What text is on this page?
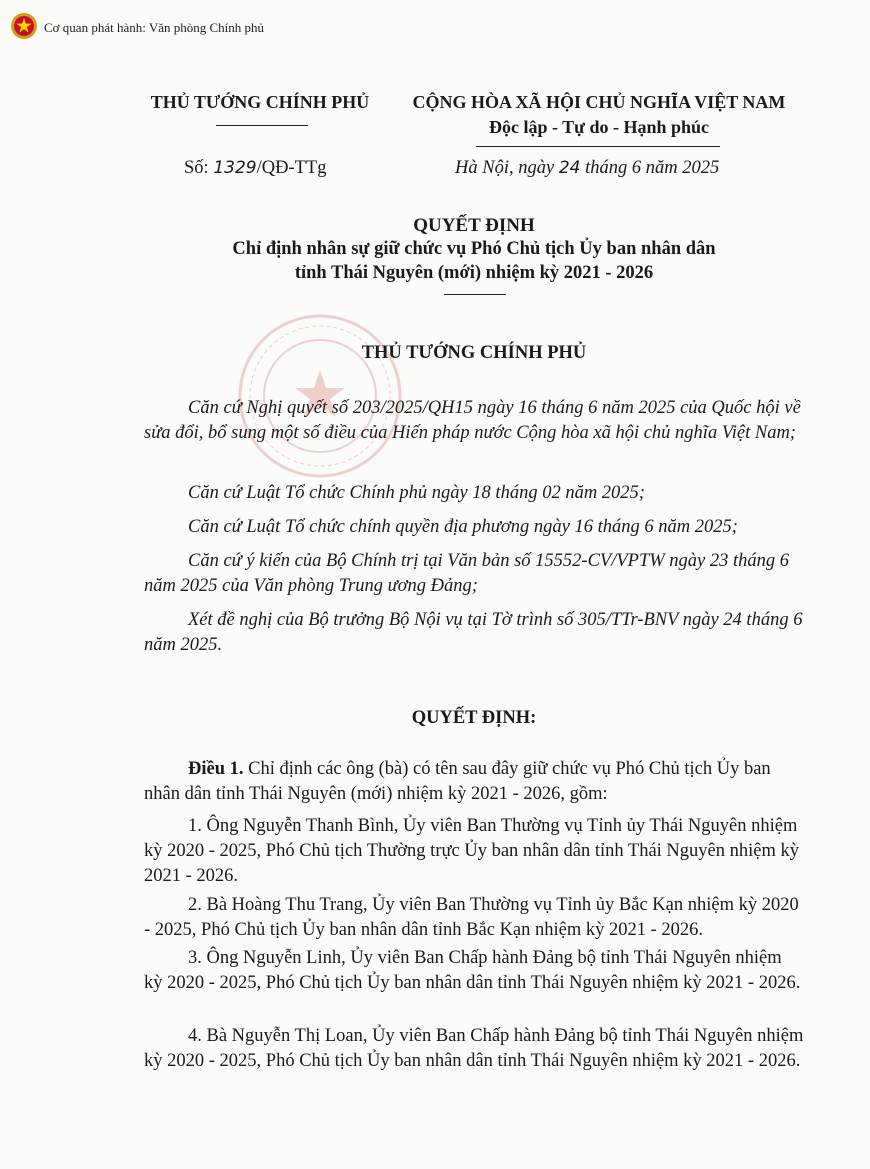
Cơ quan phát hành: Văn phòng Chính phủ
THỦ TƯỚNG CHÍNH PHỦ	CỘNG HÒA XÃ HỘI CHỦ NGHĨA VIỆT NAM
Độc lập - Tự do - Hạnh phúc
Số: 1329/QĐ-TTg	Hà Nội, ngày 24 tháng 6 năm 2025
QUYẾT ĐỊNH
Chỉ định nhân sự giữ chức vụ Phó Chủ tịch Ủy ban nhân dân
tỉnh Thái Nguyên (mới) nhiệm kỳ 2021 - 2026
THỦ TƯỚNG CHÍNH PHỦ
Căn cứ Nghị quyết số 203/2025/QH15 ngày 16 tháng 6 năm 2025 của Quốc hội về sửa đổi, bổ sung một số điều của Hiến pháp nước Cộng hòa xã hội chủ nghĩa Việt Nam;
Căn cứ Luật Tổ chức Chính phủ ngày 18 tháng 02 năm 2025;
Căn cứ Luật Tổ chức chính quyền địa phương ngày 16 tháng 6 năm 2025;
Căn cứ ý kiến của Bộ Chính trị tại Văn bản số 15552-CV/VPTW ngày 23 tháng 6 năm 2025 của Văn phòng Trung ương Đảng;
Xét đề nghị của Bộ trưởng Bộ Nội vụ tại Tờ trình số 305/TTr-BNV ngày 24 tháng 6 năm 2025.
QUYẾT ĐỊNH:
Điều 1. Chỉ định các ông (bà) có tên sau đây giữ chức vụ Phó Chủ tịch Ủy ban nhân dân tỉnh Thái Nguyên (mới) nhiệm kỳ 2021 - 2026, gồm:
1. Ông Nguyễn Thanh Bình, Ủy viên Ban Thường vụ Tỉnh ủy Thái Nguyên nhiệm kỳ 2020 - 2025, Phó Chủ tịch Thường trực Ủy ban nhân dân tỉnh Thái Nguyên nhiệm kỳ 2021 - 2026.
2. Bà Hoàng Thu Trang, Ủy viên Ban Thường vụ Tỉnh ủy Bắc Kạn nhiệm kỳ 2020 - 2025, Phó Chủ tịch Ủy ban nhân dân tỉnh Bắc Kạn nhiệm kỳ 2021 - 2026.
3. Ông Nguyễn Linh, Ủy viên Ban Chấp hành Đảng bộ tỉnh Thái Nguyên nhiệm kỳ 2020 - 2025, Phó Chủ tịch Ủy ban nhân dân tỉnh Thái Nguyên nhiệm kỳ 2021 - 2026.
4. Bà Nguyễn Thị Loan, Ủy viên Ban Chấp hành Đảng bộ tỉnh Thái Nguyên nhiệm kỳ 2020 - 2025, Phó Chủ tịch Ủy ban nhân dân tỉnh Thái Nguyên nhiệm kỳ 2021 - 2026.
